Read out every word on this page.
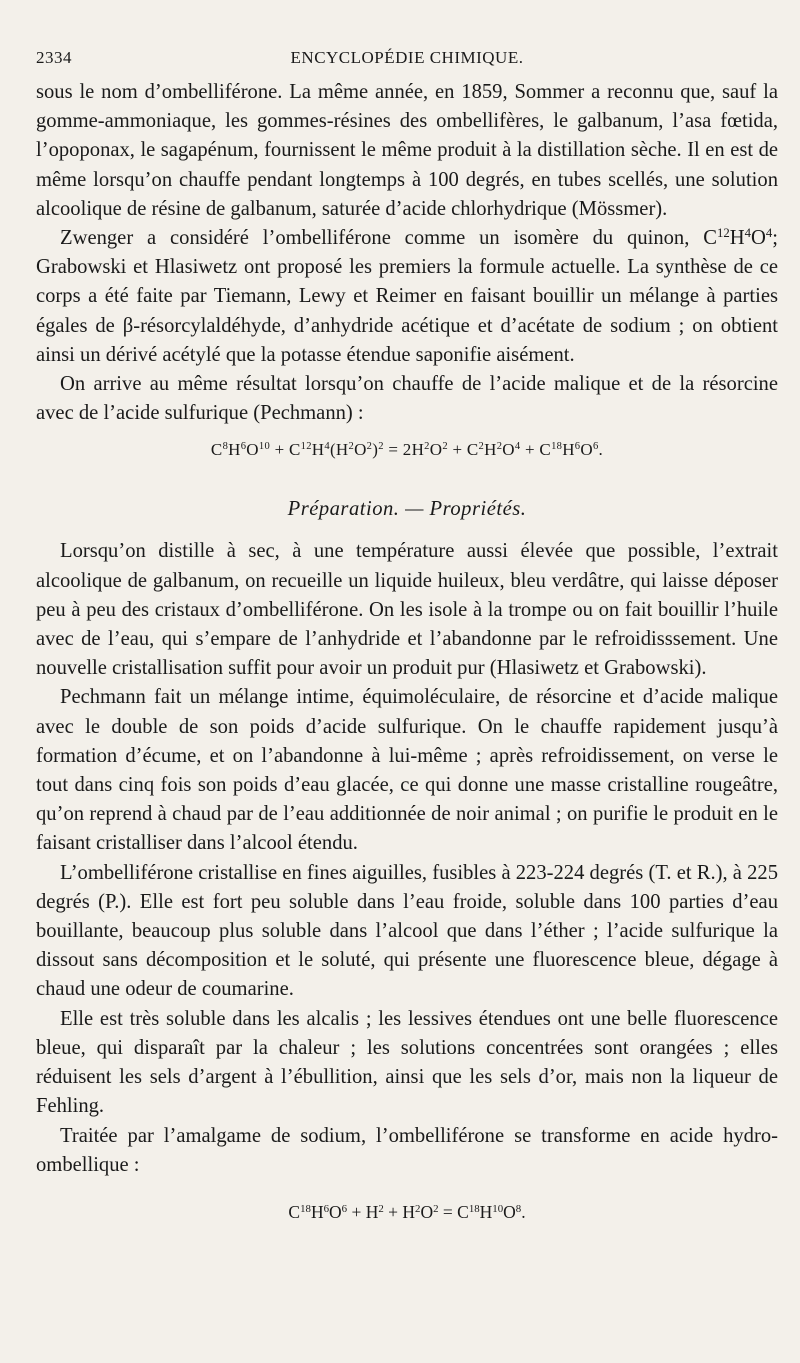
2334	ENCYCLOPÉDIE CHIMIQUE.

sous le nom d’ombelliférone. La même année, en 1859, Sommer a reconnu que, sauf la gomme-ammoniaque, les gommes-résines des ombellifères, le galbanum, l’asa fœtida, l’opoponax, le sagapénum, fournissent le même produit à la distillation sèche. Il en est de même lorsqu’on chauffe pendant longtemps à 100 degrés, en tubes scellés, une solution alcoolique de résine de galbanum, saturée d’acide chlorhydrique (Mössmer).

Zwenger a considéré l’ombelliférone comme un isomère du quinon, $C^{12}H^4O^4$; Grabowski et Hlasiwetz ont proposé les premiers la formule actuelle. La synthèse de ce corps a été faite par Tiemann, Lewy et Reimer en faisant bouillir un mélange à parties égales de β-résorcylaldéhyde, d’anhydride acétique et d’acétate de sodium ; on obtient ainsi un dérivé acétylé que la potasse étendue saponifie aisément.

On arrive au même résultat lorsqu’on chauffe de l’acide malique et de la résorcine avec de l’acide sulfurique (Pechmann) :

$C^8H^6O^{10} + C^{12}H^4(H^2O^2)^2 = 2H^2O^2 + C^2H^2O^4 + C^{18}H^6O^6$.
Préparation. — Propriétés.

Lorsqu’on distille à sec, à une température aussi élevée que possible, l’extrait alcoolique de galbanum, on recueille un liquide huileux, bleu verdâtre, qui laisse déposer peu à peu des cristaux d’ombelliférone. On les isole à la trompe ou on fait bouillir l’huile avec de l’eau, qui s’empare de l’anhydride et l’abandonne par le refroidisssement. Une nouvelle cristallisation suffit pour avoir un produit pur (Hlasiwetz et Grabowski).

Pechmann fait un mélange intime, équimoléculaire, de résorcine et d’acide malique avec le double de son poids d’acide sulfurique. On le chauffe rapidement jusqu’à formation d’écume, et on l’abandonne à lui-même ; après refroidissement, on verse le tout dans cinq fois son poids d’eau glacée, ce qui donne une masse cristalline rougeâtre, qu’on reprend à chaud par de l’eau additionnée de noir animal ; on purifie le produit en le faisant cristalliser dans l’alcool étendu.

L’ombelliférone cristallise en fines aiguilles, fusibles à 223-224 degrés (T. et R.), à 225 degrés (P.). Elle est fort peu soluble dans l’eau froide, soluble dans 100 parties d’eau bouillante, beaucoup plus soluble dans l’alcool que dans l’éther ; l’acide sulfurique la dissout sans décomposition et le soluté, qui présente une fluorescence bleue, dégage à chaud une odeur de coumarine.

Elle est très soluble dans les alcalis ; les lessives étendues ont une belle fluorescence bleue, qui disparaît par la chaleur ; les solutions concentrées sont orangées ; elles réduisent les sels d’argent à l’ébullition, ainsi que les sels d’or, mais non la liqueur de Fehling.

Traitée par l’amalgame de sodium, l’ombelliférone se transforme en acide hydro-ombellique :

$C^{18}H^6O^6 + H^2 + H^2O^2 = C^{18}H^{10}O^8$.
